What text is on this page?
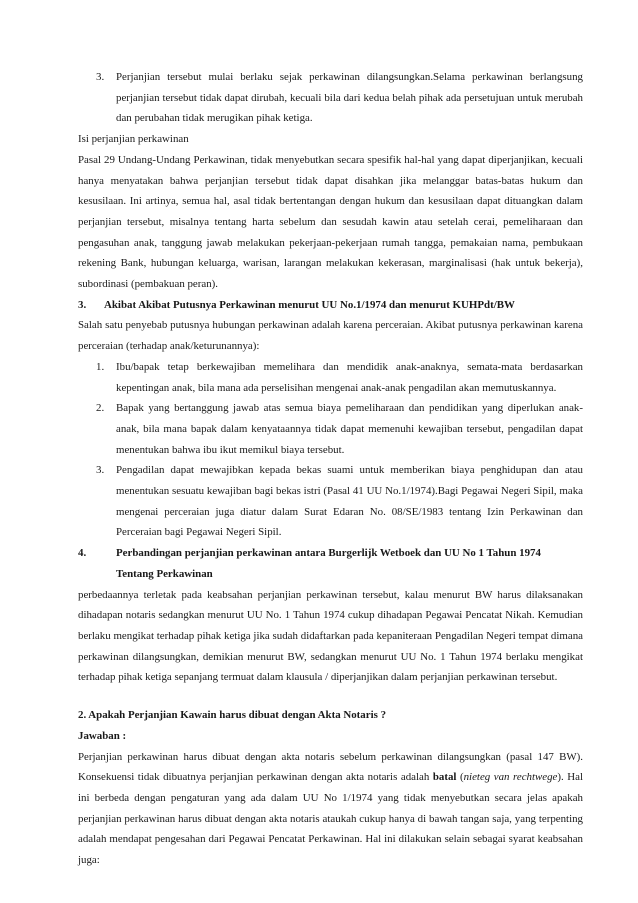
3. Perjanjian tersebut mulai berlaku sejak perkawinan dilangsungkan.Selama perkawinan berlangsung perjanjian tersebut tidak dapat dirubah, kecuali bila dari kedua belah pihak ada persetujuan untuk merubah dan perubahan tidak merugikan pihak ketiga.

Isi perjanjian perkawinan

Pasal 29 Undang-Undang Perkawinan, tidak menyebutkan secara spesifik hal-hal yang dapat diperjanjikan, kecuali hanya menyatakan bahwa perjanjian tersebut tidak dapat disahkan jika melanggar batas-batas hukum dan kesusilaan. Ini artinya, semua hal, asal tidak bertentangan dengan hukum dan kesusilaan dapat dituangkan dalam perjanjian tersebut, misalnya tentang harta sebelum dan sesudah kawin atau setelah cerai, pemeliharaan dan pengasuhan anak, tanggung jawab melakukan pekerjaan-pekerjaan rumah tangga, pemakaian nama, pembukaan rekening Bank, hubungan keluarga, warisan, larangan melakukan kekerasan, marginalisasi (hak untuk bekerja), subordinasi (pembakuan peran).

3. Akibat Akibat Putusnya Perkawinan menurut UU No.1/1974 dan menurut KUHPdt/BW

Salah satu penyebab putusnya hubungan perkawinan adalah karena perceraian. Akibat putusnya perkawinan karena perceraian (terhadap anak/keturunannya):

1. Ibu/bapak tetap berkewajiban memelihara dan mendidik anak-anaknya, semata-mata berdasarkan kepentingan anak, bila mana ada perselisihan mengenai anak-anak pengadilan akan memutuskannya.
2. Bapak yang bertanggung jawab atas semua biaya pemeliharaan dan pendidikan yang diperlukan anak-anak, bila mana bapak dalam kenyataannya tidak dapat memenuhi kewajiban tersebut, pengadilan dapat menentukan bahwa ibu ikut memikul biaya tersebut.
3. Pengadilan dapat mewajibkan kepada bekas suami untuk memberikan biaya penghidupan dan atau menentukan sesuatu kewajiban bagi bekas istri (Pasal 41 UU No.1/1974).Bagi Pegawai Negeri Sipil, maka mengenai perceraian juga diatur dalam Surat Edaran No. 08/SE/1983 tentang Izin Perkawinan dan Perceraian bagi Pegawai Negeri Sipil.
4.	Perbandingan perjanjian perkawinan antara Burgerlijk Wetboek dan UU No 1 Tahun 1974
Tentang Perkawinan

perbedaannya terletak pada keabsahan perjanjian perkawinan tersebut, kalau menurut BW harus dilaksanakan dihadapan notaris sedangkan menurut UU No. 1 Tahun 1974 cukup dihadapan Pegawai Pencatat Nikah. Kemudian berlaku mengikat terhadap pihak ketiga jika sudah didaftarkan pada kepaniteraan Pengadilan Negeri tempat dimana perkawinan dilangsungkan, demikian menurut BW, sedangkan menurut UU No. 1 Tahun 1974 berlaku mengikat terhadap pihak ketiga sepanjang termuat dalam klausula / diperjanjikan dalam perjanjian perkawinan tersebut.

2. Apakah Perjanjian Kawain harus dibuat dengan Akta Notaris ?

Jawaban :

Perjanjian perkawinan harus dibuat dengan akta notaris sebelum perkawinan dilangsungkan (pasal 147 BW). Konsekuensi tidak dibuatnya perjanjian perkawinan dengan akta notaris adalah batal (nieteg van rechtwege). Hal ini berbeda dengan pengaturan yang ada dalam UU No 1/1974 yang tidak menyebutkan secara jelas apakah perjanjian perkawinan harus dibuat dengan akta notaris ataukah cukup hanya di bawah tangan saja, yang terpenting adalah mendapat pengesahan dari Pegawai Pencatat Perkawinan. Hal ini dilakukan selain sebagai syarat keabsahan juga:
